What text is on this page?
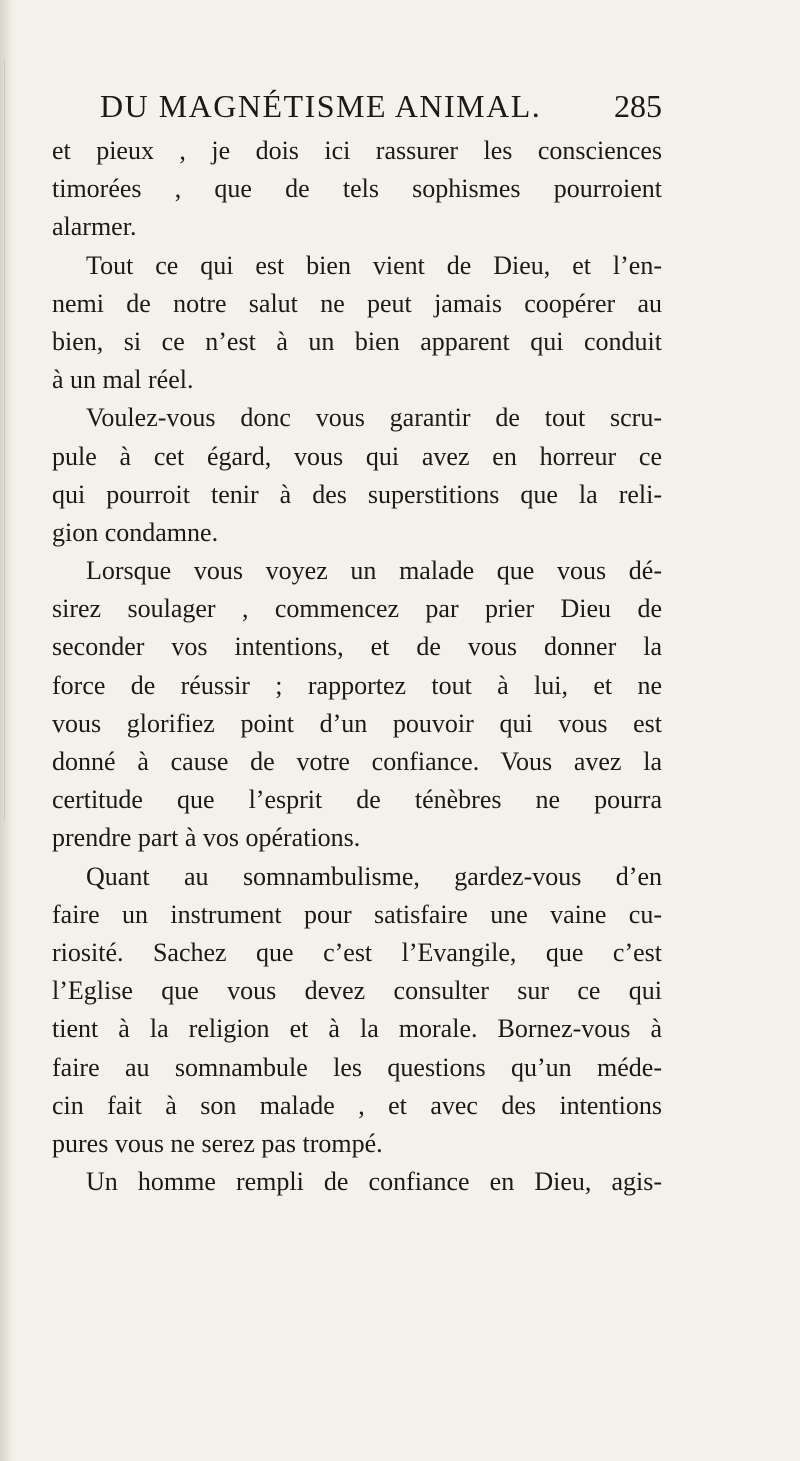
DU MAGNÉTISME ANIMAL.	285
et pieux , je dois ici rassurer les consciences
timorées , que de tels sophismes pourroient
alarmer.
Tout ce qui est bien vient de Dieu, et l’en-
nemi de notre salut ne peut jamais coopérer au
bien, si ce n’est à un bien apparent qui conduit
à un mal réel.
Voulez-vous donc vous garantir de tout scru-
pule à cet égard, vous qui avez en horreur ce
qui pourroit tenir à des superstitions que la reli-
gion condamne.
Lorsque vous voyez un malade que vous dé-
sirez soulager , commencez par prier Dieu de
seconder vos intentions, et de vous donner la
force de réussir ; rapportez tout à lui, et ne
vous glorifiez point d’un pouvoir qui vous est
donné à cause de votre confiance. Vous avez la
certitude que l’esprit de ténèbres ne pourra
prendre part à vos opérations.
Quant au somnambulisme, gardez-vous d’en
faire un instrument pour satisfaire une vaine cu-
riosité. Sachez que c’est l’Evangile, que c’est
l’Eglise que vous devez consulter sur ce qui
tient à la religion et à la morale. Bornez-vous à
faire au somnambule les questions qu’un méde-
cin fait à son malade , et avec des intentions
pures vous ne serez pas trompé.
Un homme rempli de confiance en Dieu, agis-
